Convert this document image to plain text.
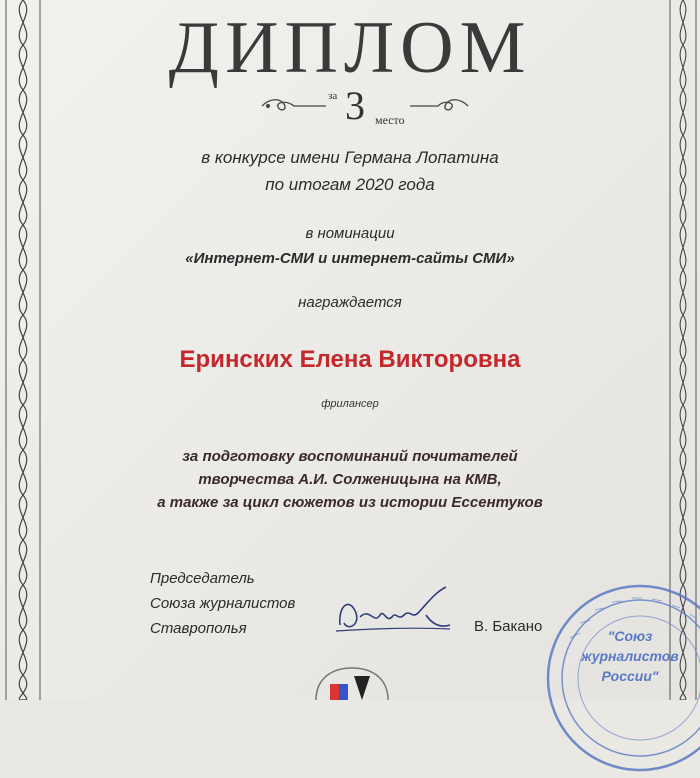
ДИПЛОМ
за 3 место
в конкурсе имени Германа Лопатина
по итогам 2020 года
в номинации
«Интернет-СМИ и интернет-сайты СМИ»
награждается
Еринских Елена Викторовна
фрилансер
за подготовку воспоминаний почитателей
творчества А.И. Солженицына на КМВ,
а также за цикл сюжетов из истории Ессентуков
Председатель
Союза журналистов
Ставрополья	В. Бакано
"Союз
журналистов
России"
